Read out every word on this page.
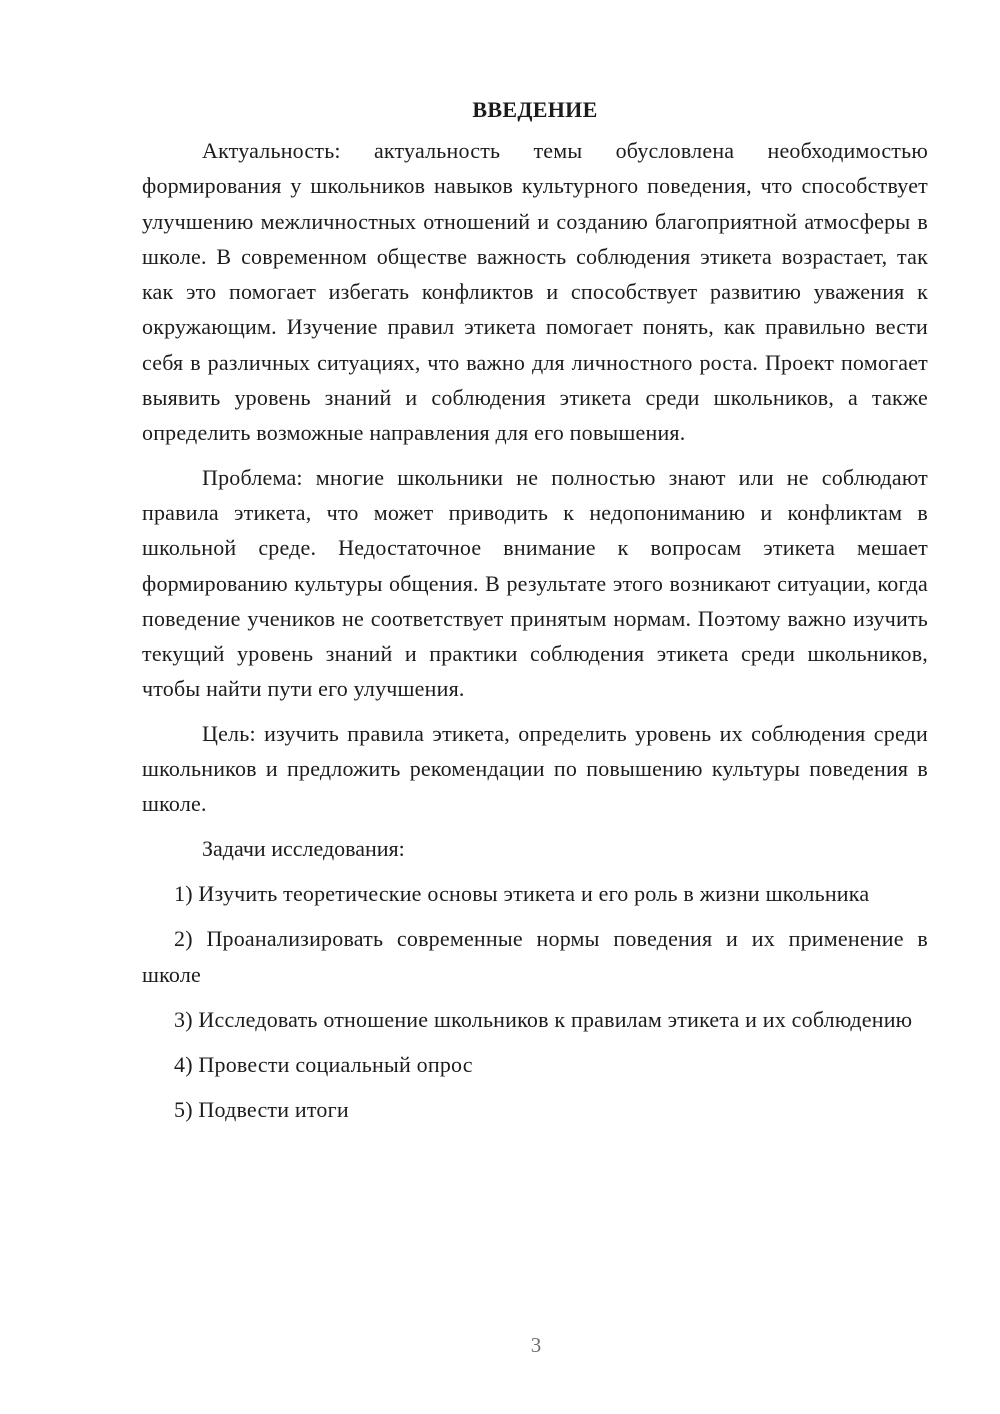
ВВЕДЕНИЕ

Актуальность: актуальность темы обусловлена необходимостью формирования у школьников навыков культурного поведения, что способствует улучшению межличностных отношений и созданию благоприятной атмосферы в школе. В современном обществе важность соблюдения этикета возрастает, так как это помогает избегать конфликтов и способствует развитию уважения к окружающим. Изучение правил этикета помогает понять, как правильно вести себя в различных ситуациях, что важно для личностного роста. Проект помогает выявить уровень знаний и соблюдения этикета среди школьников, а также определить возможные направления для его повышения.

Проблема: многие школьники не полностью знают или не соблюдают правила этикета, что может приводить к недопониманию и конфликтам в школьной среде. Недостаточное внимание к вопросам этикета мешает формированию культуры общения. В результате этого возникают ситуации, когда поведение учеников не соответствует принятым нормам. Поэтому важно изучить текущий уровень знаний и практики соблюдения этикета среди школьников, чтобы найти пути его улучшения.

Цель: изучить правила этикета, определить уровень их соблюдения среди школьников и предложить рекомендации по повышению культуры поведения в школе.

Задачи исследования:

1) Изучить теоретические основы этикета и его роль в жизни школьника

2) Проанализировать современные нормы поведения и их применение в школе

3) Исследовать отношение школьников к правилам этикета и их соблюдению

4) Провести социальный опрос

5) Подвести итоги

3
